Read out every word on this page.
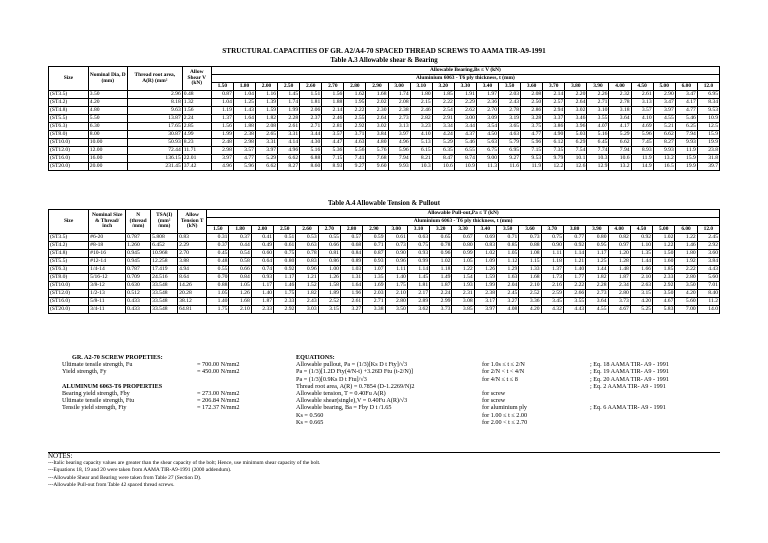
STRUCTURAL CAPACITIES OF GR. A2/A4-70 SPACED THREAD SCREWS TO AAMA TIR-A9-1991
Table A.3 Allowable shear & Bearing
Size	Nominal Dia, D (mm)	Thread root area, A(R) (mm²	Allow Shear V (kN)	Allowable Bearing,Bs ≤ V (kN)																						
				Aluminium 6063 - T6 ply thickness, t (mm)																						
				1.50	1.80	2.00	2.50	2.60	2.70	2.80	2.90	3.00	3.10	3.20	3.30	3.40	3.50	3.60	3.70	3.80	3.90	4.00	4.50	5.00	6.00	12.0
(ST3.5)	3.50	2.96	0.48	0.87	1.04	1.16	1.45	1.51	1.56	1.62	1.68	1.74	1.80	1.85	1.91	1.97	2.03	2.08	2.14	2.20	2.26	2.32	2.61	2.90	3.47	6.95
(ST4.2)	4.20	8.18	1.32	1.04	1.25	1.39	1.74	1.81	1.88	1.95	2.02	2.08	2.15	2.22	2.29	2.36	2.43	2.50	2.57	2.64	2.71	2.78	3.13	3.47	4.17	8.34
(ST4.8)	4.80	9.63	1.56	1.19	1.43	1.59	1.99	2.06	2.14	2.22	2.30	2.38	2.46	2.54	2.62	2.70	2.78	2.86	2.94	3.02	3.10	3.18	3.57	3.97	4.77	9.53
(ST5.5)	5.50	13.87	2.24	1.37	1.64	1.82	2.28	2.37	2.46	2.55	2.64	2.73	2.82	2.91	3.00	3.09	3.19	3.28	3.37	3.46	3.55	3.64	4.10	4.55	5.46	10.9
(ST6.3)	6.30	17.65	2.85	1.56	1.88	2.08	2.61	2.71	2.81	2.92	3.02	3.13	3.23	3.34	3.44	3.54	3.65	3.75	3.86	3.96	4.07	4.17	4.69	5.21	6.25	12.5
(ST8.0)	8.00	30.87	4.99	1.99	2.38	2.65	3.31	3.44	3.57	3.71	3.84	3.97	4.10	4.24	4.37	4.50	4.63	4.77	4.90	5.03	5.16	5.29	5.96	6.62	7.94	15.9
(ST10.0)	10.00	50.93	8.23	2.48	2.98	3.31	4.14	4.30	4.47	4.63	4.80	4.96	5.13	5.29	5.46	5.63	5.79	5.96	6.12	6.29	6.45	6.62	7.45	8.27	9.93	19.9
(ST12.0)	12.00	72.44	11.71	2.98	3.57	3.97	4.96	5.16	5.36	5.56	5.76	5.96	6.15	6.35	6.55	6.75	6.95	7.15	7.35	7.54	7.74	7.94	8.93	9.93	11.9	23.8
(ST16.0)	16.00	136.15	22.01	3.97	4.77	5.29	6.62	6.88	7.15	7.41	7.68	7.94	8.21	8.47	8.74	9.00	9.27	9.53	9.79	10.1	10.3	10.6	11.9	13.2	15.9	31.8
(ST20.0)	20.00	231.45	37.42	4.96	5.96	6.62	8.27	8.60	8.93	9.27	9.60	9.93	10.3	10.6	10.9	11.3	11.6	11.9	12.2	12.6	12.9	13.2	14.9	16.5	19.9	39.7
Table A.4 Allowable Tension & Pullout
Size	Nominal Size & Thread/ inch	N (thread /mm)	TSA(I) (mm² /mm)	Allow Tension T (kN)	Allowable Pull-out,Pa ≤ T (kN)																						
					Aluminium 6063 - T6 ply thickness, t (mm)																						
					1.50	1.80	2.00	2.50	2.60	2.70	2.80	2.90	3.00	3.10	3.20	3.30	3.40	3.50	3.60	3.70	3.80	3.90	4.00	4.50	5.00	6.00	12.0
(ST3.5)	#6-20	0.787	5.808	0.83	0.31	0.37	0.41	0.51	0.53	0.55	0.57	0.59	0.61	0.63	0.65	0.67	0.69	0.71	0.73	0.75	0.77	0.80	0.82	0.92	1.02	1.22	2.45
(ST4.2)	#8-18	1.260	6.452	2.29	0.37	0.44	0.49	0.61	0.63	0.66	0.68	0.71	0.73	0.75	0.78	0.80	0.83	0.85	0.88	0.90	0.92	0.95	0.97	1.10	1.22	1.46	2.92
(ST4.8)	#10-16	0.945	10.968	2.70	0.45	0.54	0.60	0.75	0.78	0.81	0.84	0.87	0.90	0.93	0.96	0.99	1.02	1.05	1.08	1.11	1.14	1.17	1.20	1.35	1.50	1.80	3.60
(ST5.5)	#12-14	0.945	12.258	3.88	0.48	0.58	0.64	0.80	0.83	0.86	0.89	0.93	0.96	0.99	1.02	1.05	1.09	1.12	1.15	1.18	1.21	1.25	1.28	1.44	1.60	1.92	3.84
(ST6.3)	1/4-14	0.787	17.419	4.94	0.55	0.66	0.74	0.92	0.96	1.00	1.03	1.07	1.11	1.14	1.18	1.22	1.26	1.29	1.33	1.37	1.40	1.44	1.48	1.66	1.85	2.22	4.43
(ST8.0)	5/16-12	0.709	24.516	8.64	0.70	0.84	0.93	1.17	1.21	1.26	1.31	1.35	1.40	1.45	1.49	1.54	1.59	1.63	1.68	1.73	1.77	1.82	1.87	2.10	2.33	2.80	5.60
(ST10.0)	3/8-12	0.630	33.548	14.26	0.88	1.05	1.17	1.46	1.52	1.58	1.64	1.69	1.75	1.81	1.87	1.93	1.99	2.04	2.10	2.16	2.22	2.28	2.34	2.63	2.92	3.50	7.01
(ST12.0)	1/2-13	0.512	33.548	20.28	1.05	1.26	1.40	1.75	1.82	1.89	1.96	2.03	2.10	2.17	2.24	2.31	2.38	2.45	2.52	2.59	2.66	2.73	2.80	3.15	3.50	4.20	8.40
(ST16.0)	5/8-11	0.433	33.548	38.12	1.40	1.68	1.87	2.33	2.43	2.52	2.61	2.71	2.80	2.89	2.99	3.08	3.17	3.27	3.36	3.45	3.55	3.64	3.73	4.20	4.67	5.60	11.2
(ST20.0)	3/4-11	0.433	33.548	64.81	1.75	2.10	2.33	2.92	3.03	3.15	3.27	3.38	3.50	3.62	3.73	3.85	3.97	4.08	4.20	4.32	4.43	4.55	4.67	5.25	5.83	7.00	14.0
GR. A2-70 SCREW PROPETIES:
Ultimate tensile strength, Fu	= 700.00 N/mm2
Yield strength, Fy	= 450.00 N/mm2
ALUMINUM 6063-T6 PROPERTIES
Bearing yield strength, Fby	= 273.00 N/mm2
Ultimate tensile strength, Ftu	= 206.84 N/mm2
Tensile yield strength, Fty	= 172.37 N/mm2
EQUATIONS:
Allowable pullout, Pa = (1/3)[Ks D t Fty]/√3	for 1.0s ≤ t ≤ 2/N	; Eq. 18 AAMA TIR- A9 - 1991
Pa = (1/3)[1.2D Fty(4/N-t) +3.26D Ftu (t-2/N)]	for 2/N < t < 4/N	; Eq. 19 AAMA TIR- A9 - 1991
Pa = (1/3)[0.9Ks D t Ftu]/√3	for 4/N ≤ t ≤ 8	; Eq. 20 AAMA TIR- A9 - 1991
Thread root area, A(R) = 0.7854 (D-1.2269/N)2	; Eq. 2 AAMA TIR- A9 - 1991
Allowable tension, T = 0.40Fu A(R)	for screw
Allowable shear(single),V = 0.40Fu A(R)/√3	for screw
Allowable bearing, Ba = Fby D t /1.65	for aluminium ply	; Eq. 6 AAMA TIR- A9 - 1991
Ks = 0.560	for 1.00 ≤ t ≤ 2.00
Ks = 0.665	for 2.00 < t ≤ 2.70
NOTES:
---Italic bearing capacity values are greater than the shear capacity of the bolt; Hence, use minimum shear capacity of the bolt.
---Equations 18, 19 and 20 were taken from AAMA TIR-A9-1991 (2000 addendum).
---Allowable Shear and Bearing were taken from Table 27 (Section D).
---Allowable Pull-out from Table 42 spaced thread screws.
